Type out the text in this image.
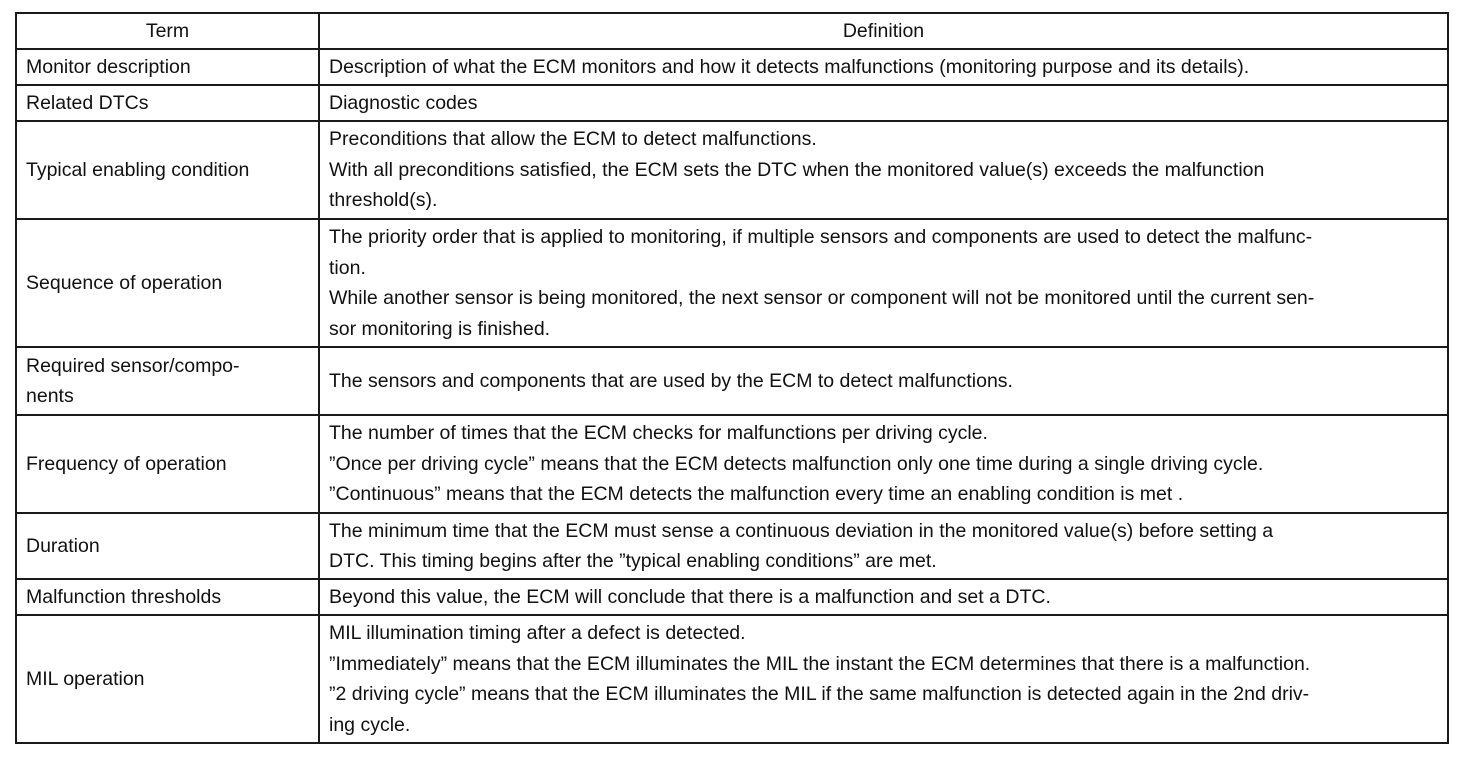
Term	Definition

Monitor description	Description of what the ECM monitors and how it detects malfunctions (monitoring purpose and its details).

Related DTCs	Diagnostic codes

Typical enabling condition	Preconditions that allow the ECM to detect malfunctions.
With all preconditions satisfied, the ECM sets the DTC when the monitored value(s) exceeds the malfunction
threshold(s).

Sequence of operation	The priority order that is applied to monitoring, if multiple sensors and components are used to detect the malfunc-
tion.
While another sensor is being monitored, the next sensor or component will not be monitored until the current sen-
sor monitoring is finished.

Required sensor/compo-
nents	The sensors and components that are used by the ECM to detect malfunctions.

Frequency of operation	The number of times that the ECM checks for malfunctions per driving cycle.
”Once per driving cycle” means that the ECM detects malfunction only one time during a single driving cycle.
”Continuous” means that the ECM detects the malfunction every time an enabling condition is met .

Duration	The minimum time that the ECM must sense a continuous deviation in the monitored value(s) before setting a
DTC. This timing begins after the ”typical enabling conditions” are met.

Malfunction thresholds	Beyond this value, the ECM will conclude that there is a malfunction and set a DTC.

MIL operation	MIL illumination timing after a defect is detected.
”Immediately” means that the ECM illuminates the MIL the instant the ECM determines that there is a malfunction.
”2 driving cycle” means that the ECM illuminates the MIL if the same malfunction is detected again in the 2nd driv-
ing cycle.
